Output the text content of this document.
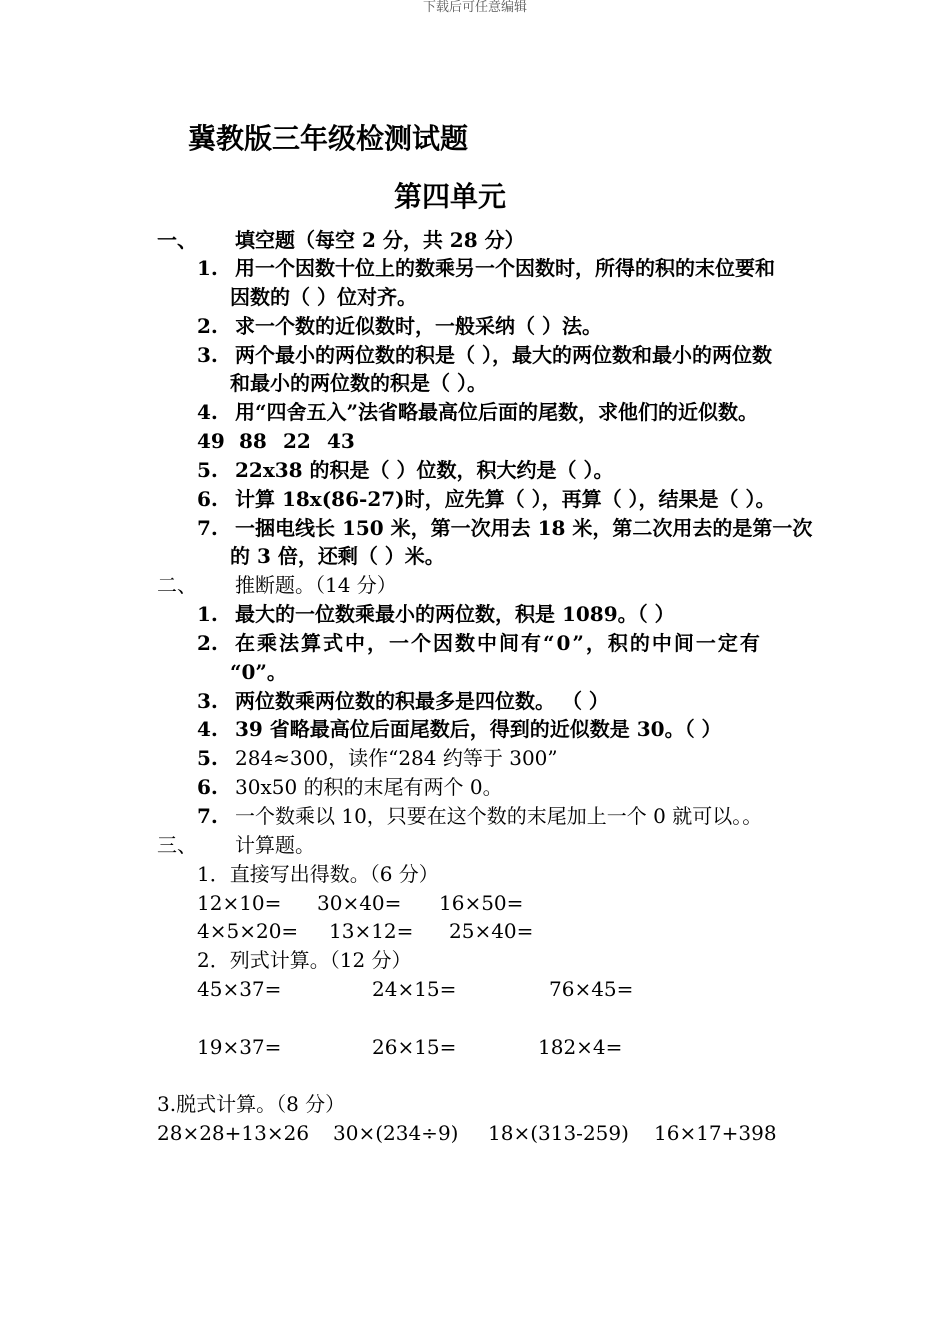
下载后可任意编辑
冀教版三年级检测试题
第四单元
一、 填空题（每空 2 分，共 28 分）
1. 用一个因数十位上的数乘另一个因数时，所得的积的末位要和
因数的（ ）位对齐。
2. 求一个数的近似数时，一般采纳（ ）法。
3. 两个最小的两位数的积是（ ），最大的两位数和最小的两位数
和最小的两位数的积是（ ）。
4. 用“四舍五入”法省略最高位后面的尾数，求他们的近似数。
49 88 22 43
5. 22x38 的积是（ ）位数，积大约是（ ）。
6. 计算 18x(86-27)时，应先算（ ），再算（ ），结果是（ ）。
7. 一捆电线长 150 米，第一次用去 18 米，第二次用去的是第一次
的 3 倍，还剩（ ）米。
二、 推断题。（14 分）
1. 最大的一位数乘最小的两位数，积是 1089。（ ）
2. 在乘法算式中，一个因数中间有“0”，积的中间一定有
“0”。
3. 两位数乘两位数的积最多是四位数。 （ ）
4. 39 省略最高位后面尾数后，得到的近似数是 30。（ ）
5. 284≈300，读作“284 约等于 300”
6. 30x50 的积的末尾有两个 0。
7. 一个数乘以 10，只要在这个数的末尾加上一个 0 就可以。。
三、 计算题。
1．直接写出得数。（6 分）
12×10= 30×40= 16×50=
4×5×20= 13×12= 25×40=
2．列式计算。（12 分）
45×37=	24×15=	76×45=
19×37=	26×15=	182×4=
3.脱式计算。（8 分）
28×28+13×26 30×(234÷9) 18×(313-259) 16×17+398
